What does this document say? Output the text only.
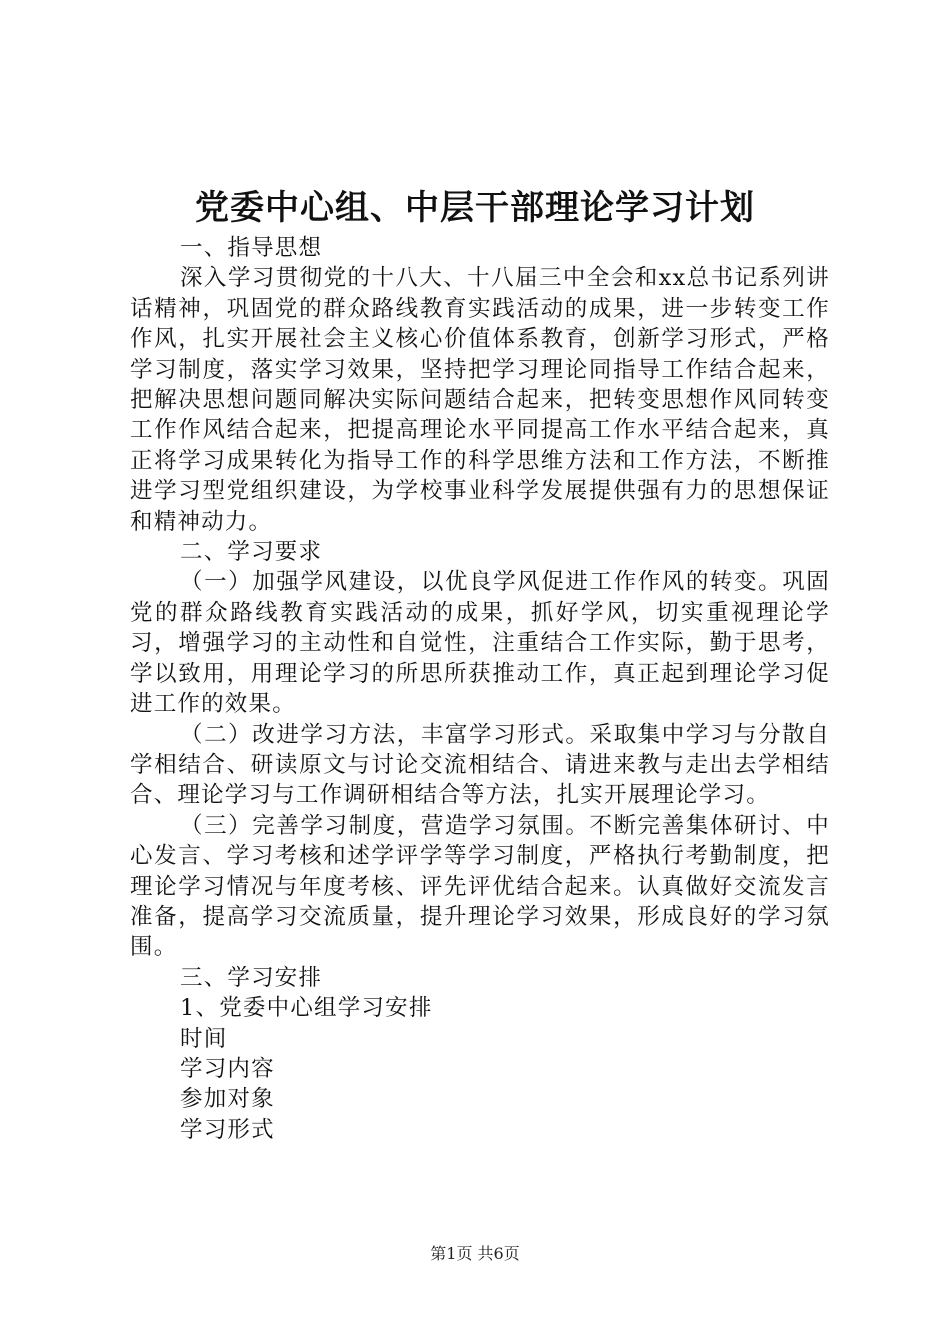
党委中心组、中层干部理论学习计划

一、指导思想

深入学习贯彻党的十八大、十八届三中全会和xx总书记系列讲话精神，巩固党的群众路线教育实践活动的成果，进一步转变工作作风，扎实开展社会主义核心价值体系教育，创新学习形式，严格学习制度，落实学习效果，坚持把学习理论同指导工作结合起来，把解决思想问题同解决实际问题结合起来，把转变思想作风同转变工作作风结合起来，把提高理论水平同提高工作水平结合起来，真正将学习成果转化为指导工作的科学思维方法和工作方法，不断推进学习型党组织建设，为学校事业科学发展提供强有力的思想保证和精神动力。

二、学习要求

（一）加强学风建设，以优良学风促进工作作风的转变。巩固党的群众路线教育实践活动的成果，抓好学风，切实重视理论学习，增强学习的主动性和自觉性，注重结合工作实际，勤于思考，学以致用，用理论学习的所思所获推动工作，真正起到理论学习促进工作的效果。

（二）改进学习方法，丰富学习形式。采取集中学习与分散自学相结合、研读原文与讨论交流相结合、请进来教与走出去学相结合、理论学习与工作调研相结合等方法，扎实开展理论学习。

（三）完善学习制度，营造学习氛围。不断完善集体研讨、中心发言、学习考核和述学评学等学习制度，严格执行考勤制度，把理论学习情况与年度考核、评先评优结合起来。认真做好交流发言准备，提高学习交流质量，提升理论学习效果，形成良好的学习氛围。

三、学习安排

1、党委中心组学习安排

时间

学习内容

参加对象

学习形式

第1页 共6页
